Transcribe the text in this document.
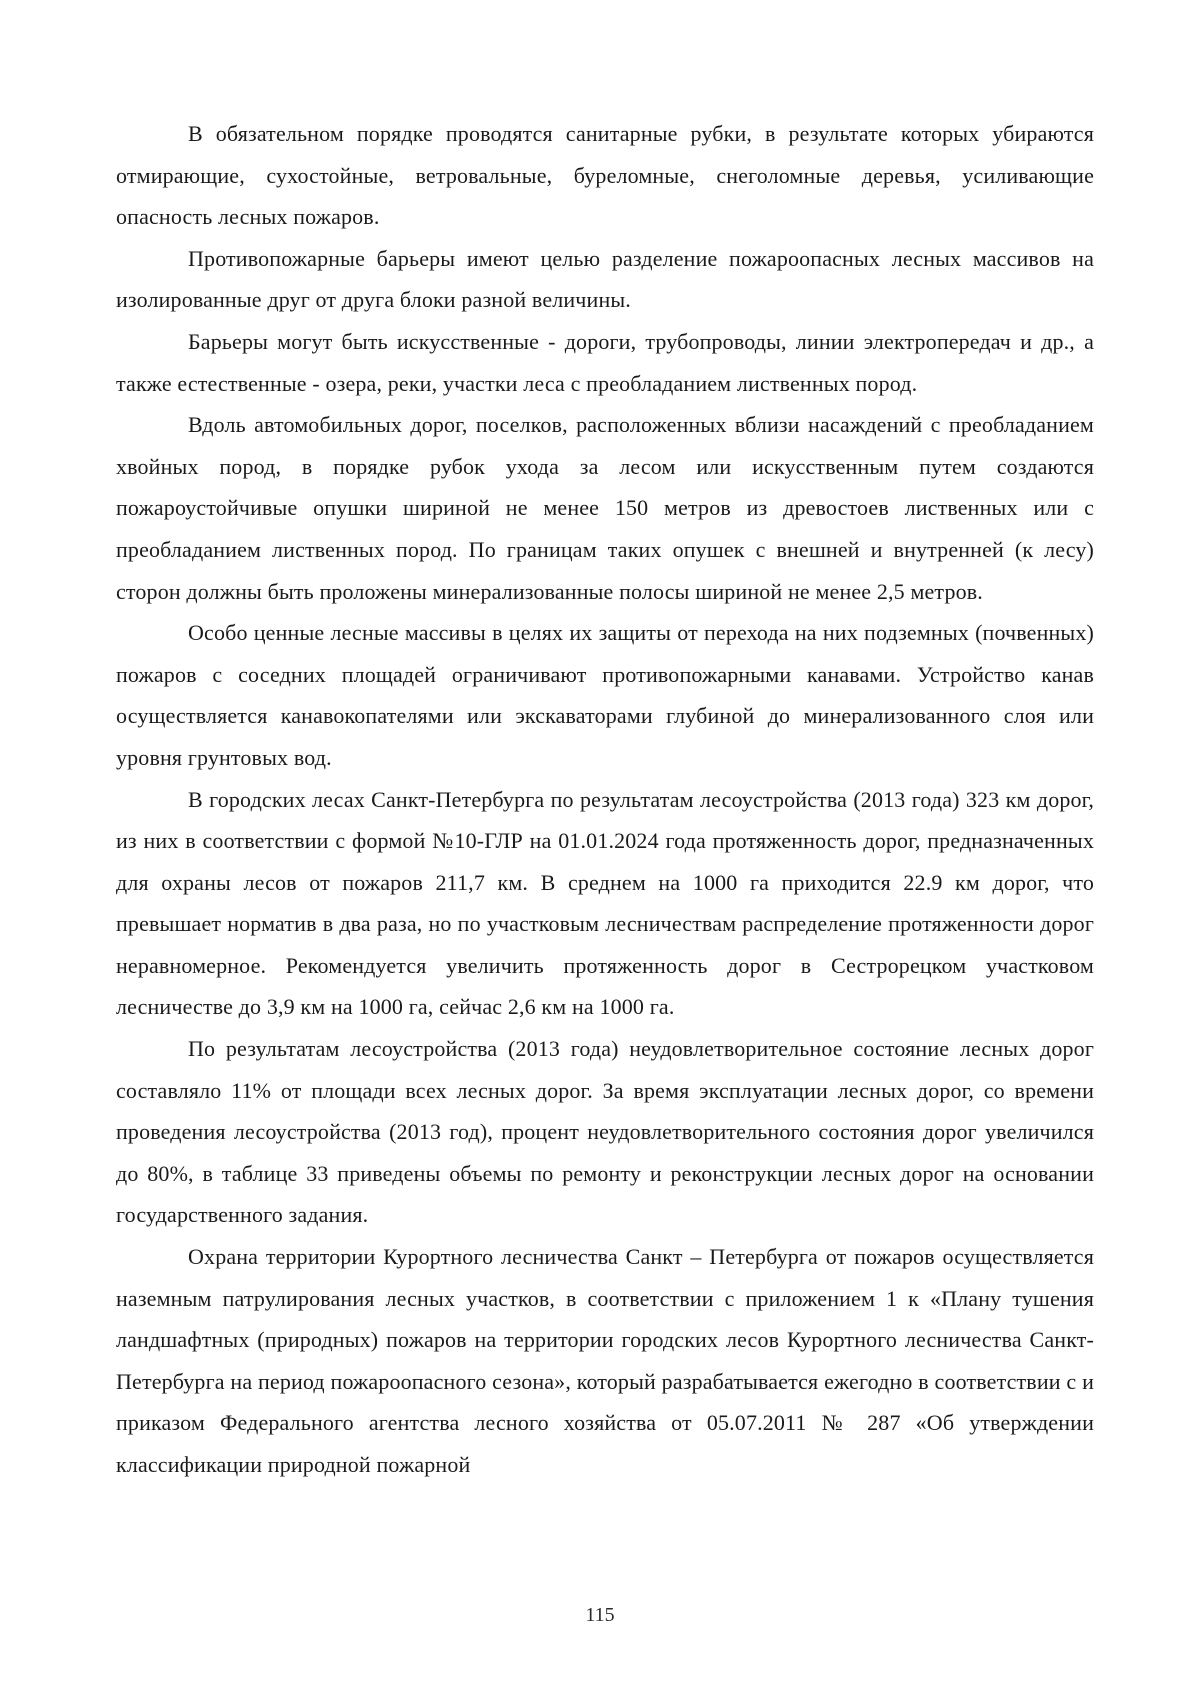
В обязательном порядке проводятся санитарные рубки, в результате которых убираются отмирающие, сухостойные, ветровальные, буреломные, снеголомные деревья, усиливающие опасность лесных пожаров.

Противопожарные барьеры имеют целью разделение пожароопасных лесных массивов на изолированные друг от друга блоки разной величины.

Барьеры могут быть искусственные - дороги, трубопроводы, линии электропередач и др., а также естественные - озера, реки, участки леса с преобладанием лиственных пород.

Вдоль автомобильных дорог, поселков, расположенных вблизи насаждений с преобладанием хвойных пород, в порядке рубок ухода за лесом или искусственным путем создаются пожароустойчивые опушки шириной не менее 150 метров из древостоев лиственных или с преобладанием лиственных пород. По границам таких опушек с внешней и внутренней (к лесу) сторон должны быть проложены минерализованные полосы шириной не менее 2,5 метров.

Особо ценные лесные массивы в целях их защиты от перехода на них подземных (почвенных) пожаров с соседних площадей ограничивают противопожарными канавами. Устройство канав осуществляется канавокопателями или экскаваторами глубиной до минерализованного слоя или уровня грунтовых вод.

В городских лесах Санкт-Петербурга по результатам лесоустройства (2013 года) 323 км дорог, из них в соответствии с формой №10-ГЛР на 01.01.2024 года протяженность дорог, предназначенных для охраны лесов от пожаров 211,7 км. В среднем на 1000 га приходится 22.9 км дорог, что превышает норматив в два раза, но по участковым лесничествам распределение протяженности дорог неравномерное. Рекомендуется увеличить протяженность дорог в Сестрорецком участковом лесничестве до 3,9 км на 1000 га, сейчас 2,6 км на 1000 га.

По результатам лесоустройства (2013 года) неудовлетворительное состояние лесных дорог составляло 11% от площади всех лесных дорог. За время эксплуатации лесных дорог, со времени проведения лесоустройства (2013 год), процент неудовлетворительного состояния дорог увеличился до 80%, в таблице 33 приведены объемы по ремонту и реконструкции лесных дорог на основании государственного задания.

Охрана территории Курортного лесничества Санкт – Петербурга от пожаров осуществляется наземным патрулирования лесных участков, в соответствии с приложением 1 к «Плану тушения ландшафтных (природных) пожаров на территории городских лесов Курортного лесничества Санкт-Петербурга на период пожароопасного сезона», который разрабатывается ежегодно в соответствии с и приказом Федерального агентства лесного хозяйства от 05.07.2011 № 287 «Об утверждении классификации природной пожарной

115
